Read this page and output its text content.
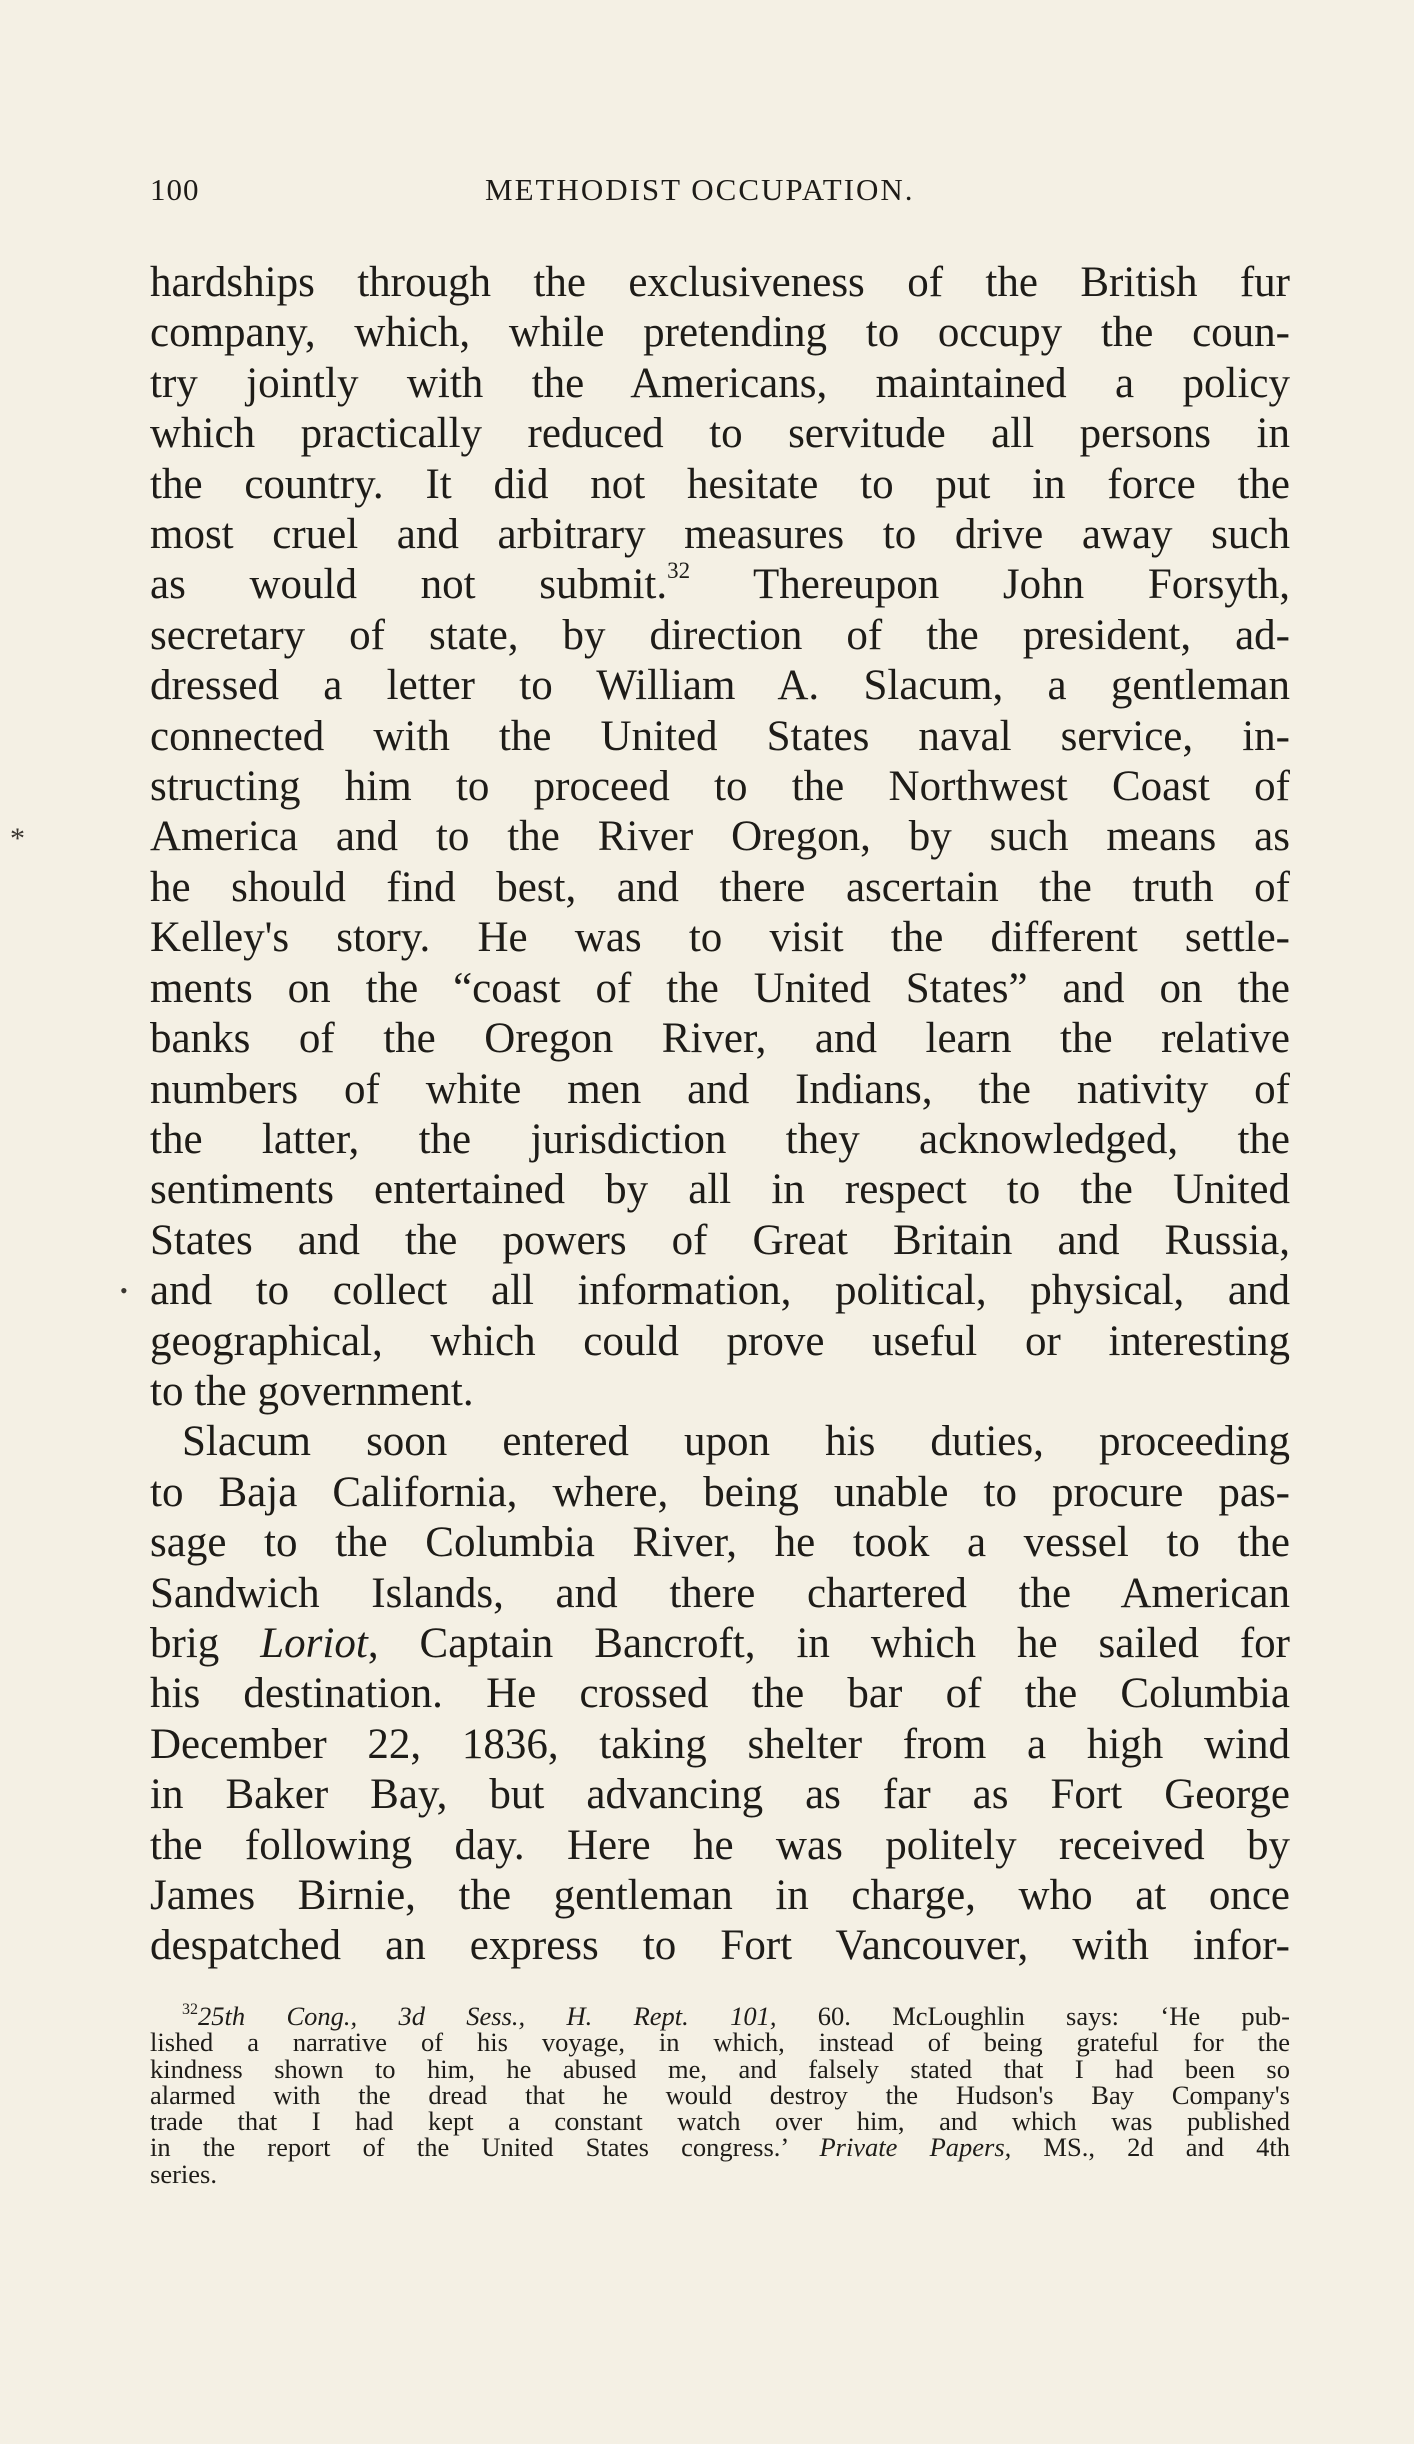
*
•
100	METHODIST OCCUPATION.
hardships through the exclusiveness of the British fur
company, which, while pretending to occupy the coun-
try jointly with the Americans, maintained a policy
which practically reduced to servitude all persons in
the country. It did not hesitate to put in force the
most cruel and arbitrary measures to drive away such
as would not submit.$^{32}$ Thereupon John Forsyth,
secretary of state, by direction of the president, ad-
dressed a letter to William A. Slacum, a gentleman
connected with the United States naval service, in-
structing him to proceed to the Northwest Coast of
America and to the River Oregon, by such means as
he should find best, and there ascertain the truth of
Kelley's story. He was to visit the different settle-
ments on the “coast of the United States” and on the
banks of the Oregon River, and learn the relative
numbers of white men and Indians, the nativity of
the latter, the jurisdiction they acknowledged, the
sentiments entertained by all in respect to the United
States and the powers of Great Britain and Russia,
and to collect all information, political, physical, and
geographical, which could prove useful or interesting
to the government.
Slacum soon entered upon his duties, proceeding
to Baja California, where, being unable to procure pas-
sage to the Columbia River, he took a vessel to the
Sandwich Islands, and there chartered the American
brig Loriot, Captain Bancroft, in which he sailed for
his destination. He crossed the bar of the Columbia
December 22, 1836, taking shelter from a high wind
in Baker Bay, but advancing as far as Fort George
the following day. Here he was politely received by
James Birnie, the gentleman in charge, who at once
despatched an express to Fort Vancouver, with infor-
$^{32}$25th Cong., 3d Sess., H. Rept. 101, 60. McLoughlin says: ‘He pub-
lished a narrative of his voyage, in which, instead of being grateful for the
kindness shown to him, he abused me, and falsely stated that I had been so
alarmed with the dread that he would destroy the Hudson's Bay Company's
trade that I had kept a constant watch over him, and which was published
in the report of the United States congress.’ Private Papers, MS., 2d and 4th
series.
